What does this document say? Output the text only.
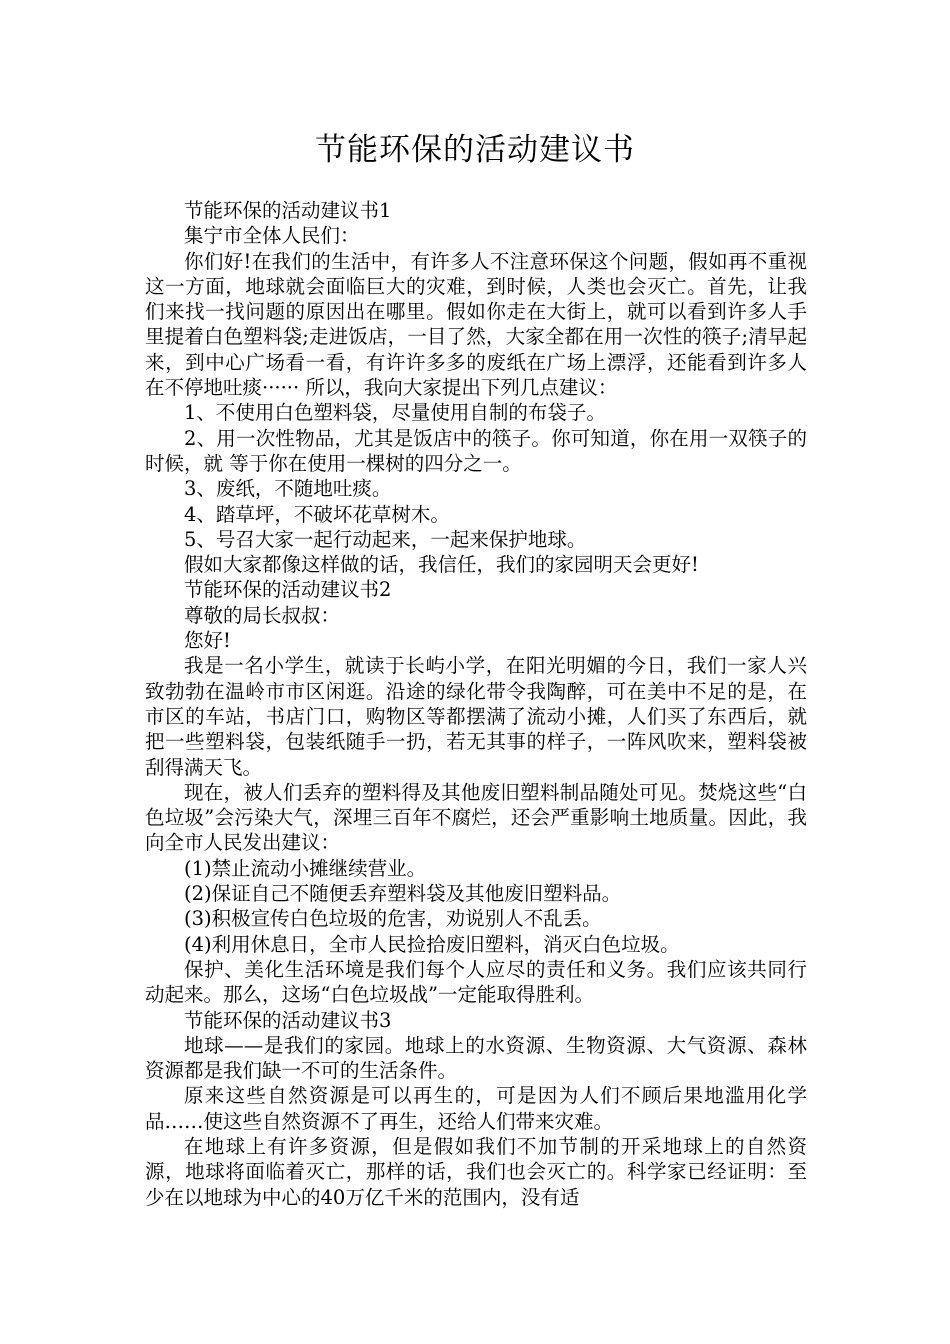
节能环保的活动建议书

节能环保的活动建议书1

集宁市全体人民们：

你们好!在我们的生活中，有许多人不注意环保这个问题，假如再不重视这一方面，地球就会面临巨大的灾难，到时候，人类也会灭亡。首先，让我们来找一找问题的原因出在哪里。假如你走在大街上，就可以看到许多人手里提着白色塑料袋;走进饭店，一目了然，大家全都在用一次性的筷子;清早起来，到中心广场看一看，有许许多多的废纸在广场上漂浮，还能看到许多人在不停地吐痰······ 所以，我向大家提出下列几点建议：

1、不使用白色塑料袋，尽量使用自制的布袋子。

2、用一次性物品，尤其是饭店中的筷子。你可知道，你在用一双筷子的时候，就 等于你在使用一棵树的四分之一。

3、废纸，不随地吐痰。

4、踏草坪，不破坏花草树木。

5、号召大家一起行动起来，一起来保护地球。

假如大家都像这样做的话，我信任，我们的家园明天会更好!

节能环保的活动建议书2

尊敬的局长叔叔：

您好!

我是一名小学生，就读于长屿小学，在阳光明媚的今日，我们一家人兴致勃勃在温岭市市区闲逛。沿途的绿化带令我陶醉，可在美中不足的是，在市区的车站，书店门口，购物区等都摆满了流动小摊，人们买了东西后，就把一些塑料袋，包装纸随手一扔，若无其事的样子，一阵风吹来，塑料袋被刮得满天飞。

现在，被人们丢弃的塑料得及其他废旧塑料制品随处可见。焚烧这些“白色垃圾”会污染大气，深埋三百年不腐烂，还会严重影响土地质量。因此，我向全市人民发出建议：

(1)禁止流动小摊继续营业。

(2)保证自己不随便丢弃塑料袋及其他废旧塑料品。

(3)积极宣传白色垃圾的危害，劝说别人不乱丢。

(4)利用休息日，全市人民捡拾废旧塑料，消灭白色垃圾。

保护、美化生活环境是我们每个人应尽的责任和义务。我们应该共同行动起来。那么，这场“白色垃圾战”一定能取得胜利。

节能环保的活动建议书3

地球——是我们的家园。地球上的水资源、生物资源、大气资源、森林资源都是我们缺一不可的生活条件。

原来这些自然资源是可以再生的，可是因为人们不顾后果地滥用化学品……使这些自然资源不了再生，还给人们带来灾难。

在地球上有许多资源，但是假如我们不加节制的开采地球上的自然资源，地球将面临着灭亡，那样的话，我们也会灭亡的。科学家已经证明：至少在以地球为中心的40万亿千米的范围内，没有适
